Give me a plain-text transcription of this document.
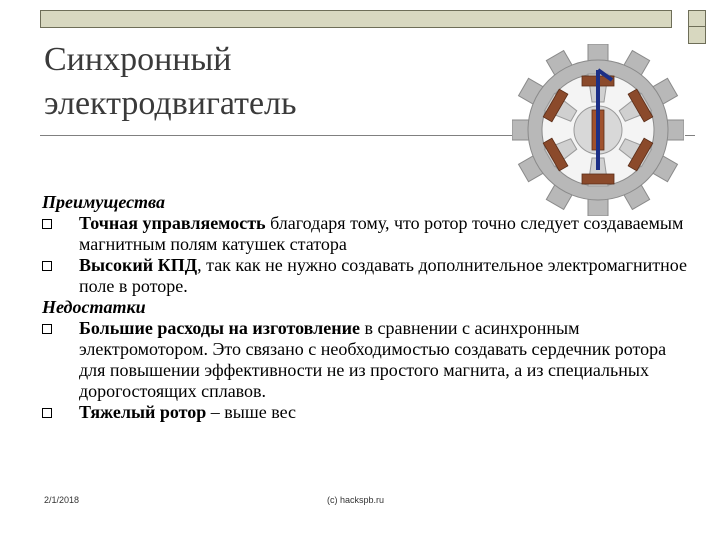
Синхронный
электродвигатель
Преимущества
Точная управляемость благодаря тому, что ротор точно следует создаваемым магнитным полям катушек статора
Высокий КПД, так как не нужно создавать дополнительное электромагнитное поле в роторе.
Недостатки
Большие расходы на изготовление в сравнении с асинхронным электромотором. Это связано с необходимостью создавать сердечник ротора для повышении эффективности не из простого магнита, а из специальных дорогостоящих сплавов.
Тяжелый ротор – выше вес
2/1/2018	(c) hackspb.ru
